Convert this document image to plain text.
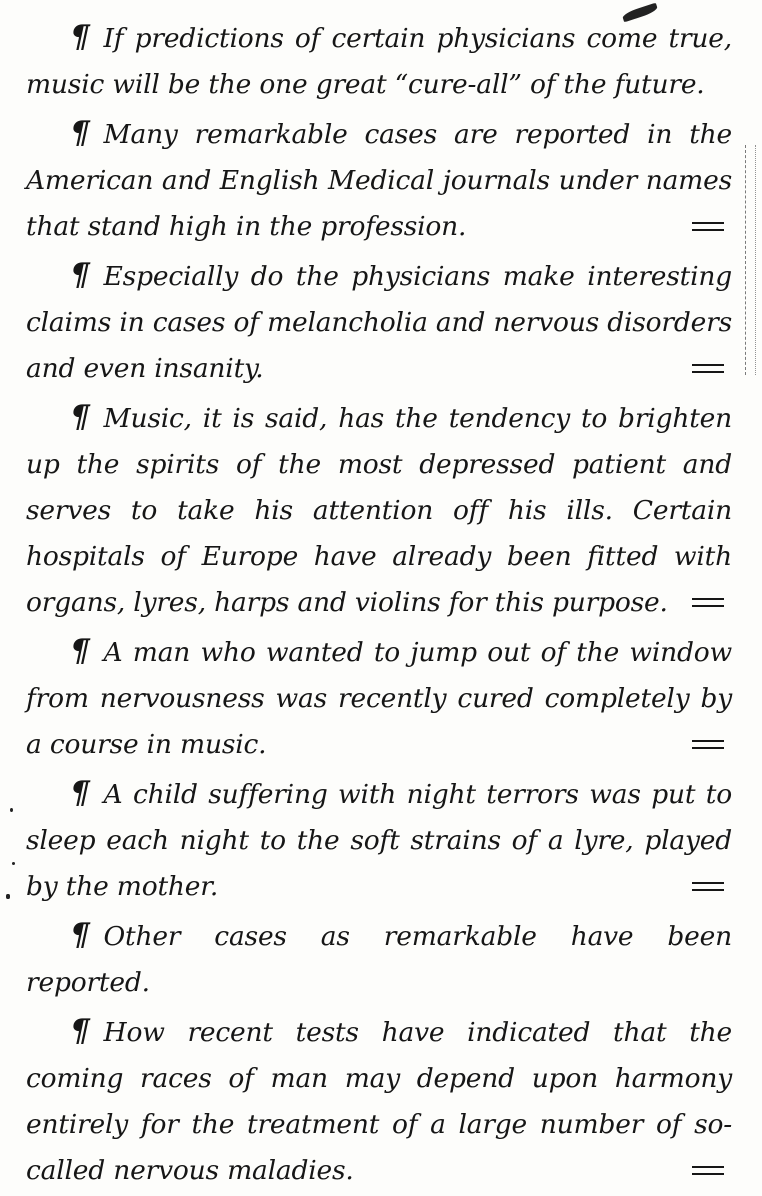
¶ If predictions of certain physicians come true, music will be the one great “cure-all” of the future.

¶ Many remarkable cases are reported in the American and English Medical journals under names that stand high in the profession.

¶ Especially do the physicians make interesting claims in cases of melancholia and nervous disorders and even insanity.

¶ Music, it is said, has the tendency to brighten up the spirits of the most depressed patient and serves to take his attention off his ills. Certain hospitals of Europe have already been fitted with organs, lyres, harps and violins for this purpose.

¶ A man who wanted to jump out of the window from nervousness was recently cured completely by a course in music.

¶ A child suffering with night terrors was put to sleep each night to the soft strains of a lyre, played by the mother.

¶ Other cases as remarkable have been reported.

¶ How recent tests have indicated that the coming races of man may depend upon harmony entirely for the treatment of a large number of so-called nervous maladies.
